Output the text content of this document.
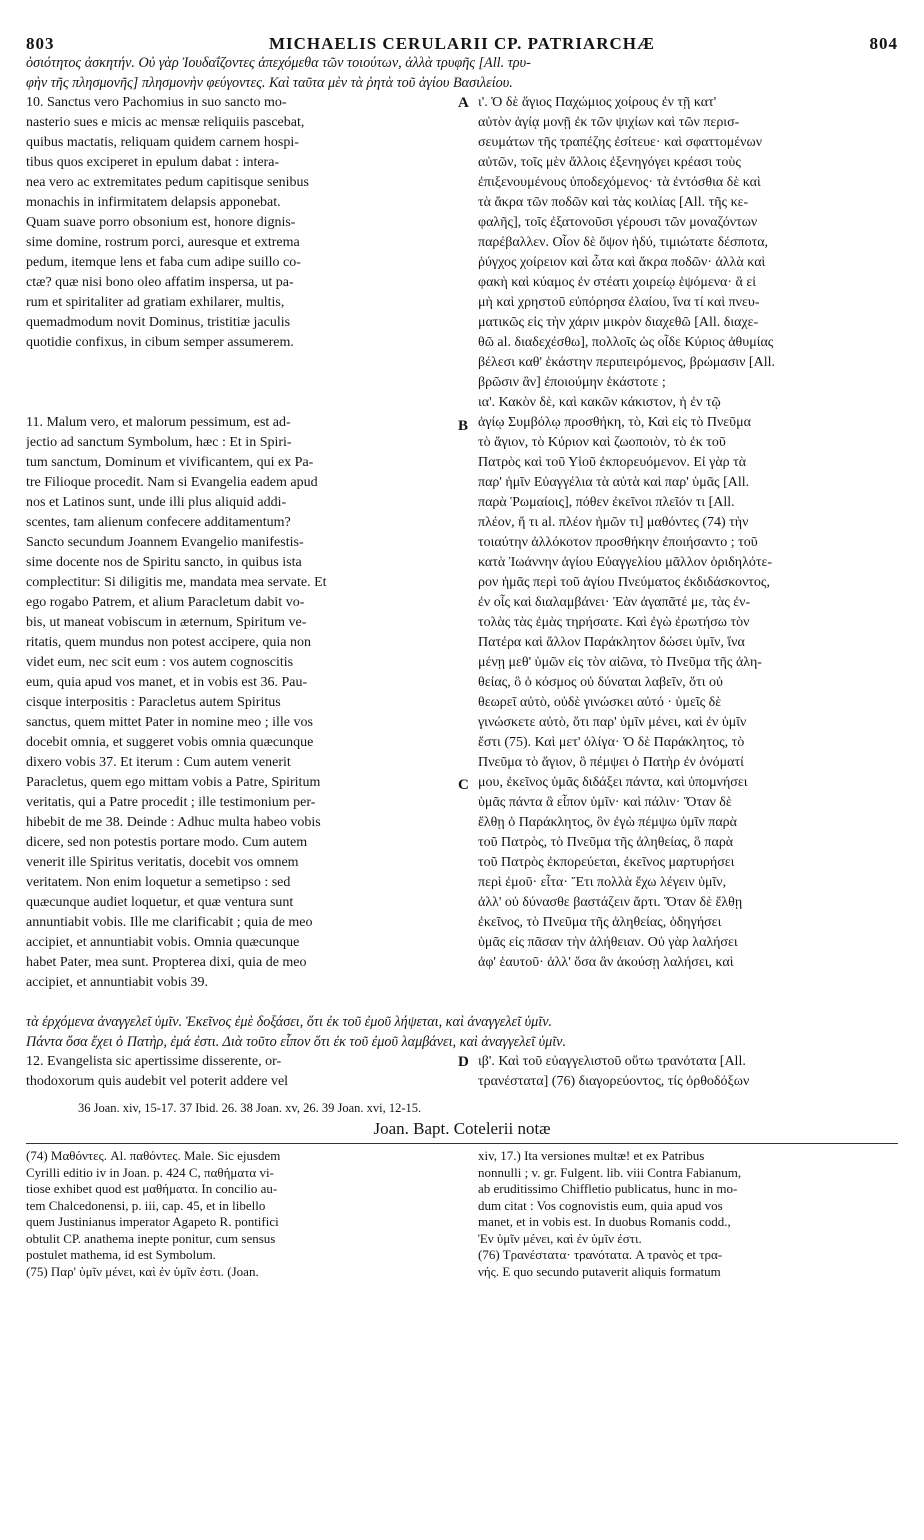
803	MICHAELIS CERULARII CP. PATRIARCHÆ	804

ὁσιότητος ἀσκητήν. Οὐ γὰρ Ἰουδαΐζοντες ἀπεχόμεθα τῶν τοιούτων, ἀλλὰ τρυφῆς [All. τρυ-

φὴν τῆς πλησμονῆς] πλησμονὴν φεύγοντες. Καὶ ταῦτα μὲν τὰ ῥητὰ τοῦ ἁγίου Βασιλείου.

10. Sanctus vero Pachomius in suo sancto mo-

nasterio sues e micis ac mensæ reliquiis pascebat,

quibus mactatis, reliquam quidem carnem hospi-

tibus quos exciperet in epulum dabat : intera-

nea vero ac extremitates pedum capitisque senibus

monachis in infirmitatem delapsis apponebat.

Quam suave porro obsonium est, honore dignis-

sime domine, rostrum porci, auresque et extrema

pedum, itemque lens et faba cum adipe suillo co-

ctæ? quæ nisi bono oleo affatim inspersa, ut pa-

rum et spiritaliter ad gratiam exhilarer, multis,

quemadmodum novit Dominus, tristitiæ jaculis

quotidie confixus, in cibum semper assumerem.

11. Malum vero, et malorum pessimum, est ad-

jectio ad sanctum Symbolum, hæc : Et in Spiri-

tum sanctum, Dominum et vivificantem, qui ex Pa-

tre Filioque procedit. Nam si Evangelia eadem apud

nos et Latinos sunt, unde illi plus aliquid addi-

scentes, tam alienum confecere additamentum?

Sancto secundum Joannem Evangelio manifestis-

sime docente nos de Spiritu sancto, in quibus ista

complectitur: Si diligitis me, mandata mea servate. Et

ego rogabo Patrem, et alium Paracletum dabit vo-

bis, ut maneat vobiscum in æternum, Spiritum ve-

ritatis, quem mundus non potest accipere, quia non

videt eum, nec scit eum : vos autem cognoscitis

eum, quia apud vos manet, et in vobis est 36. Pau-

cisque interpositis : Paracletus autem Spiritus

sanctus, quem mittet Pater in nomine meo ; ille vos

docebit omnia, et suggeret vobis omnia quæcunque

dixero vobis 37. Et iterum : Cum autem venerit

Paracletus, quem ego mittam vobis a Patre, Spiritum

veritatis, qui a Patre procedit ; ille testimonium per-

hibebit de me 38. Deinde : Adhuc multa habeo vobis

dicere, sed non potestis portare modo. Cum autem

venerit ille Spiritus veritatis, docebit vos omnem

veritatem. Non enim loquetur a semetipso : sed

quæcunque audiet loquetur, et quæ ventura sunt

annuntiabit vobis. Ille me clarificabit ; quia de meo

accipiet, et annuntiabit vobis. Omnia quæcunque

habet Pater, mea sunt. Propterea dixi, quia de meo

accipiet, et annuntiabit vobis 39.

ι'. Ὁ δὲ ἅγιος Παχώμιος χοίρους ἐν τῇ κατ'

αὐτὸν ἁγίᾳ μονῇ ἐκ τῶν ψιχίων καὶ τῶν περισ-

σευμάτων τῆς τραπέζης ἐσίτευε· καὶ σφαττομένων

αὐτῶν, τοῖς μὲν ἄλλοις ἐξενηγόγει κρέασι τοὺς

ἐπιξενουμένους ὑποδεχόμενος· τὰ ἐντόσθια δὲ καὶ

τὰ ἄκρα τῶν ποδῶν καὶ τὰς κοιλίας [All. τῆς κε-

φαλῆς], τοῖς ἐξατονοῦσι γέρουσι τῶν μοναζόντων

παρέβαλλεν. Οἷον δὲ ὄψον ἡδύ, τιμιώτατε δέσποτα,

ῥύγχος χοίρειον καὶ ὦτα καὶ ἄκρα ποδῶν· ἀλλὰ καὶ

φακὴ καὶ κύαμος ἐν στέατι χοιρείῳ ἑψόμενα· ἃ εἰ

μὴ καὶ χρηστοῦ εὐπόρησα ἐλαίου, ἵνα τί καὶ πνευ-

ματικῶς εἰς τὴν χάριν μικρὸν διαχεθῶ [All. διαχε-

θῶ al. διαδεχέσθω], πολλοῖς ὡς οἶδε Κύριος ἀθυμίας

βέλεσι καθ' ἑκάστην περιπειρόμενος, βρώμασιν [All.

βρῶσιν ἂν] ἐποιούμην ἑκάστοτε ;

ια'. Κακὸν δὲ, καὶ κακῶν κάκιστον, ἡ ἐν τῷ

ἁγίῳ Συμβόλῳ προσθήκη, τὸ, Καὶ εἰς τὸ Πνεῦμα

τὸ ἅγιον, τὸ Κύριον καὶ ζωοποιὸν, τὸ ἐκ τοῦ

Πατρὸς καὶ τοῦ Υἱοῦ ἐκπορευόμενον. Εἰ γὰρ τὰ

παρ' ἡμῖν Εὐαγγέλια τὰ αὐτὰ καὶ παρ' ὑμᾶς [All.

παρὰ Ῥωμαίοις], πόθεν ἐκεῖνοι πλεῖόν τι [All.

πλέον, ἤ τι al. πλέον ἡμῶν τι] μαθόντες (74) τὴν

τοιαύτην ἀλλόκοτον προσθήκην ἐποιήσαντο ; τοῦ

κατὰ Ἰωάννην ἁγίου Εὐαγγελίου μᾶλλον ὁριδηλότε-

ρον ἡμᾶς περὶ τοῦ ἁγίου Πνεύματος ἐκδιδάσκοντος,

ἐν οἷς καὶ διαλαμβάνει· Ἐὰν ἀγαπᾶτέ με, τὰς ἐν-

τολὰς τὰς ἐμὰς τηρήσατε. Καὶ ἐγὼ ἐρωτήσω τὸν

Πατέρα καὶ ἄλλον Παράκλητον δώσει ὑμῖν, ἵνα

μένῃ μεθ' ὑμῶν εἰς τὸν αἰῶνα, τὸ Πνεῦμα τῆς ἀλη-

θείας, ὃ ὁ κόσμος οὐ δύναται λαβεῖν, ὅτι οὐ

θεωρεῖ αὐτὸ, οὐδὲ γινώσκει αὐτό · ὑμεῖς δὲ

γινώσκετε αὐτὸ, ὅτι παρ' ὑμῖν μένει, καὶ ἐν ὑμῖν

ἔστι (75). Καὶ μετ' ὀλίγα· Ὁ δὲ Παράκλητος, τὸ

Πνεῦμα τὸ ἅγιον, ὃ πέμψει ὁ Πατὴρ ἐν ὀνόματί

μου, ἐκεῖνος ὑμᾶς διδάξει πάντα, καὶ ὑπομνήσει

ὑμᾶς πάντα ἃ εἶπον ὑμῖν· καὶ πάλιν· Ὅταν δὲ

ἔλθῃ ὁ Παράκλητος, ὃν ἐγὼ πέμψω ὑμῖν παρὰ

τοῦ Πατρὸς, τὸ Πνεῦμα τῆς ἀληθείας, ὃ παρὰ

τοῦ Πατρὸς ἐκπορεύεται, ἐκεῖνος μαρτυρήσει

περὶ ἐμοῦ· εἶτα· Ἔτι πολλὰ ἔχω λέγειν ὑμῖν,

ἀλλ' οὐ δύνασθε βαστάζειν ἄρτι. Ὅταν δὲ ἔλθῃ

ἐκεῖνος, τὸ Πνεῦμα τῆς ἀληθείας, ὁδηγήσει

ὑμᾶς εἰς πᾶσαν τὴν ἀλήθειαν. Οὐ γὰρ λαλήσει

ἀφ' ἑαυτοῦ· ἀλλ' ὅσα ἂν ἀκούσῃ λαλήσει, καὶ

A
B
C

τὰ ἐρχόμενα ἀναγγελεῖ ὑμῖν. Ἐκεῖνος ἐμὲ δοξάσει, ὅτι ἐκ τοῦ ἐμοῦ λήψεται, καὶ ἀναγγελεῖ ὑμῖν.

Πάντα ὅσα ἔχει ὁ Πατὴρ, ἐμά ἐστι. Διὰ τοῦτο εἶπον ὅτι ἐκ τοῦ ἐμοῦ λαμβάνει, καὶ ἀναγγελεῖ ὑμῖν.

12. Evangelista sic apertissime disserente, or-

thodoxorum quis audebit vel poterit addere vel

ιβ'. Καὶ τοῦ εὐαγγελιστοῦ οὕτω τρανότατα [All.

τρανέστατα] (76) διαγορεύοντος, τίς ὀρθοδόξων

D

36 Joan. xiv, 15-17. 37 Ibid. 26. 38 Joan. xv, 26. 39 Joan. xvi, 12-15.

Joan. Bapt. Cotelerii notæ

(74) Μαθόντες. Al. παθόντες. Male. Sic ejusdem

Cyrilli editio iv in Joan. p. 424 C, παθήματα vi-

tiose exhibet quod est μαθήματα. In concilio au-

tem Chalcedonensi, p. iii, cap. 45, et in libello

quem Justinianus imperator Agapeto R. pontifici

obtulit CP. anathema inepte ponitur, cum sensus

postulet mathema, id est Symbolum.

(75) Παρ' ὑμῖν μένει, καὶ ἐν ὑμῖν ἐστι. (Joan.

xiv, 17.) Ita versiones multæ! et ex Patribus

nonnulli ; v. gr. Fulgent. lib. viii Contra Fabianum,

ab eruditissimo Chiffletio publicatus, hunc in mo-

dum citat : Vos cognovistis eum, quia apud vos

manet, et in vobis est. In duobus Romanis codd.,

Ἐν ὑμῖν μένει, καὶ ἐν ὑμῖν ἐστι.

(76) Τρανέστατα· τρανότατα. A τρανὸς et τρα-

νής. E quo secundo putaverit aliquis formatum
